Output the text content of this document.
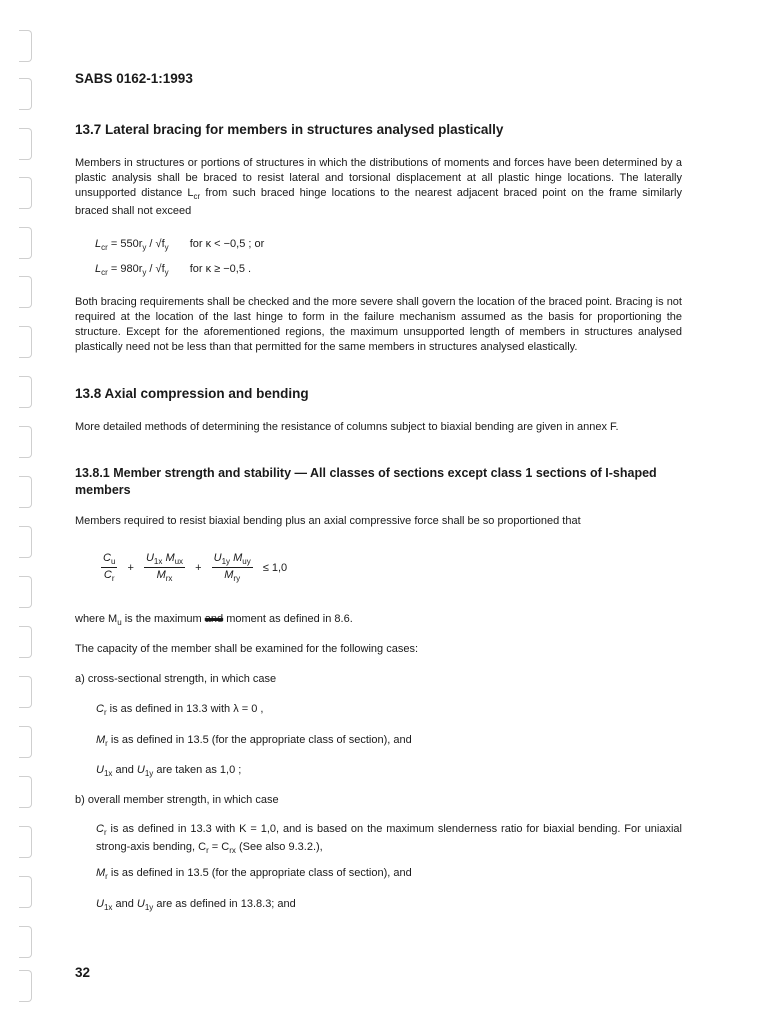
SABS 0162-1:1993
13.7 Lateral bracing for members in structures analysed plastically

Members in structures or portions of structures in which the distributions of moments and forces have been determined by a plastic analysis shall be braced to resist lateral and torsional displacement at all plastic hinge locations. The laterally unsupported distance $L_{cr}$ from such braced hinge locations to the nearest adjacent braced point on the frame similarly braced shall not exceed

$L_{cr} = 550r_y / √f_y$ for κ < −0,5 ; or
$L_{cr} = 980r_y / √f_y$ for κ ≥ −0,5 .

Both bracing requirements shall be checked and the more severe shall govern the location of the braced point. Bracing is not required at the location of the last hinge to form in the failure mechanism assumed as the basis for proportioning the structure. Except for the aforementioned regions, the maximum unsupported length of members in structures analysed plastically need not be less than that permitted for the same members in structures analysed elastically.

13.8 Axial compression and bending

More detailed methods of determining the resistance of columns subject to biaxial bending are given in annex F.

13.8.1 Member strength and stability — All classes of sections except class 1 sections of I-shaped members

Members required to resist biaxial bending plus an axial compressive force shall be so proportioned that

$\frac{C_u}{C_r} + \frac{U_{1x} M_{ux}}{M_{rx}} + \frac{U_{1y} M_{uy}}{M_{ry}} \le 1,0$

where $M_u$ is the maximum and moment as defined in 8.6.

The capacity of the member shall be examined for the following cases:

a) cross-sectional strength, in which case

$C_r$ is as defined in 13.3 with λ = 0 ,

$M_r$ is as defined in 13.5 (for the appropriate class of section), and

$U_{1x}$ and $U_{1y}$ are taken as 1,0 ;

b) overall member strength, in which case

$C_r$ is as defined in 13.3 with K = 1,0, and is based on the maximum slenderness ratio for biaxial bending. For uniaxial strong-axis bending, $C_r = C_{rx}$ (See also 9.3.2.),

$M_r$ is as defined in 13.5 (for the appropriate class of section), and

$U_{1x}$ and $U_{1y}$ are as defined in 13.8.3; and

32
